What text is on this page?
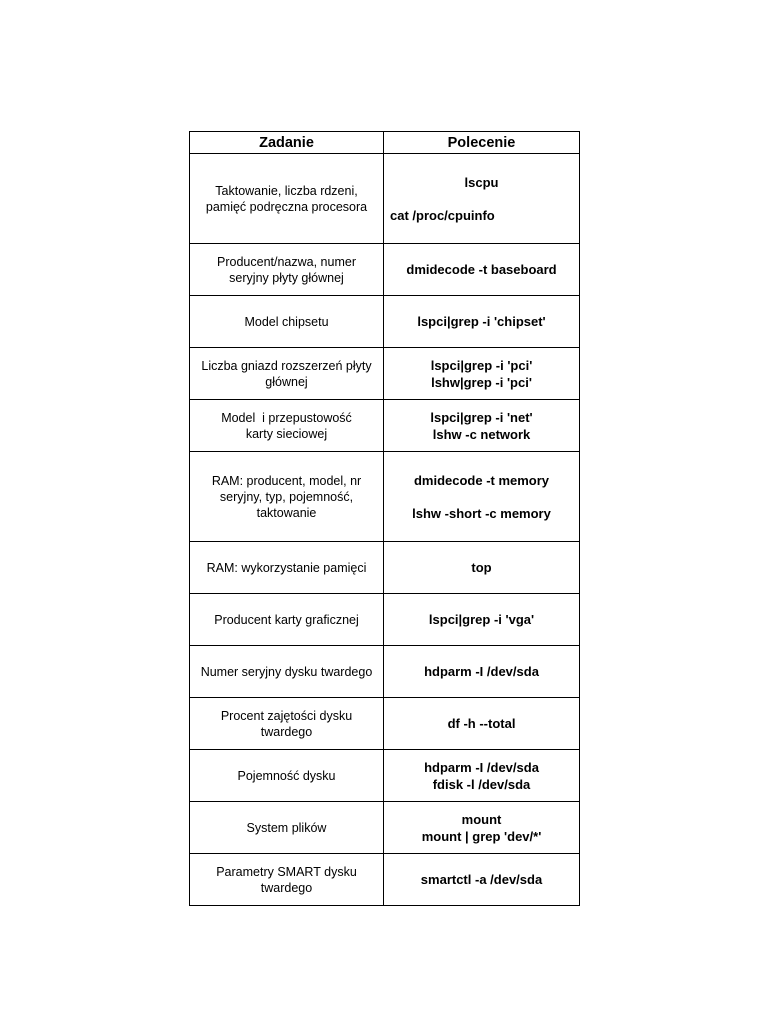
Zadanie	Polecenie
Taktowanie, liczba rdzeni, pamięć podręczna procesora	lscpu
cat /proc/cpuinfo

Producent/nazwa, numer seryjny płyty głównej	dmidecode -t baseboard

Model chipsetu	lspci|grep -i 'chipset'

Liczba gniazd rozszerzeń płyty głównej	lspci|grep -i 'pci'
lshw|grep -i 'pci'

Model  i przepustowość karty sieciowej	lspci|grep -i 'net'
lshw -c network

RAM: producent, model, nr seryjny, typ, pojemność, taktowanie	dmidecode -t memory
lshw -short -c memory

RAM: wykorzystanie pamięci	top

Producent karty graficznej	lspci|grep -i 'vga'

Numer seryjny dysku twardego	hdparm -I /dev/sda

Procent zajętości dysku twardego	df -h --total

Pojemność dysku	hdparm -I /dev/sda
fdisk -l /dev/sda

System plików	mount
mount | grep 'dev/*'

Parametry SMART dysku twardego	smartctl -a /dev/sda
